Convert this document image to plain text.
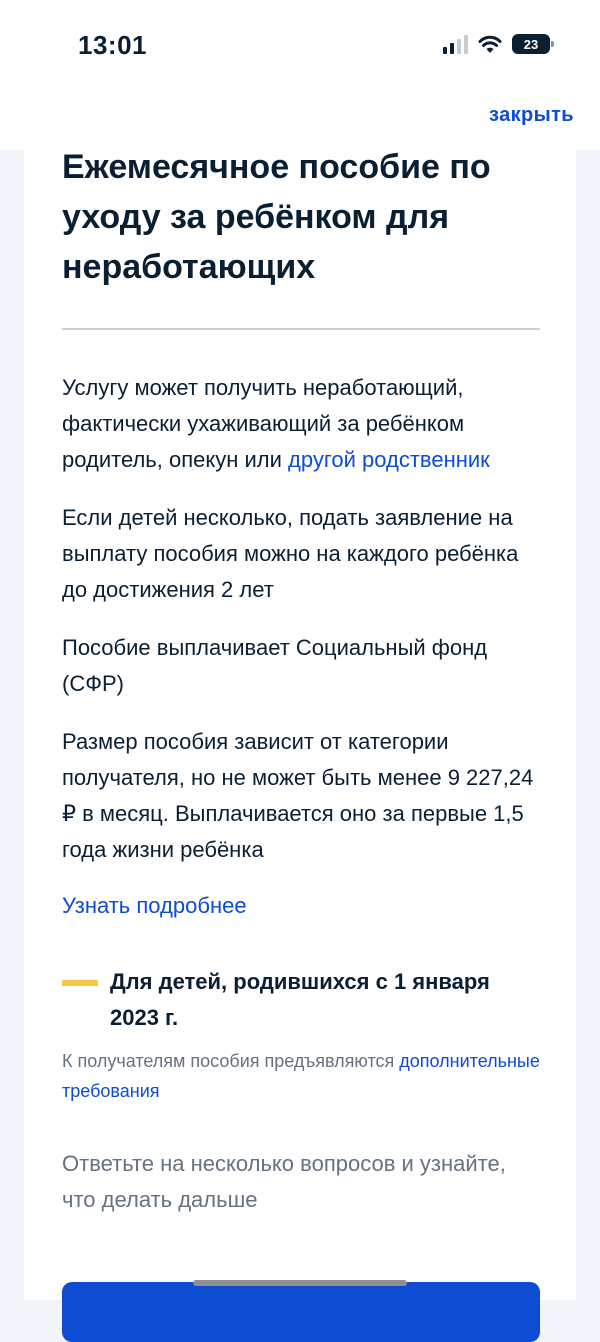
13:01	23
закрыть
Ежемесячное пособие по уходу за ребёнком для неработающих

Услугу может получить неработающий, фактически ухаживающий за ребёнком родитель, опекун или другой родственник

Если детей несколько, подать заявление на выплату пособия можно на каждого ребёнка до достижения 2 лет

Пособие выплачивает Социальный фонд (СФР)

Размер пособия зависит от категории получателя, но не может быть менее 9 227,24 ₽ в месяц. Выплачивается оно за первые 1,5 года жизни ребёнка

Узнать подробнее
Для детей, родившихся с 1 января 2023 г.

К получателям пособия предъявляются дополнительные требования

Ответьте на несколько вопросов и узнайте, что делать дальше
